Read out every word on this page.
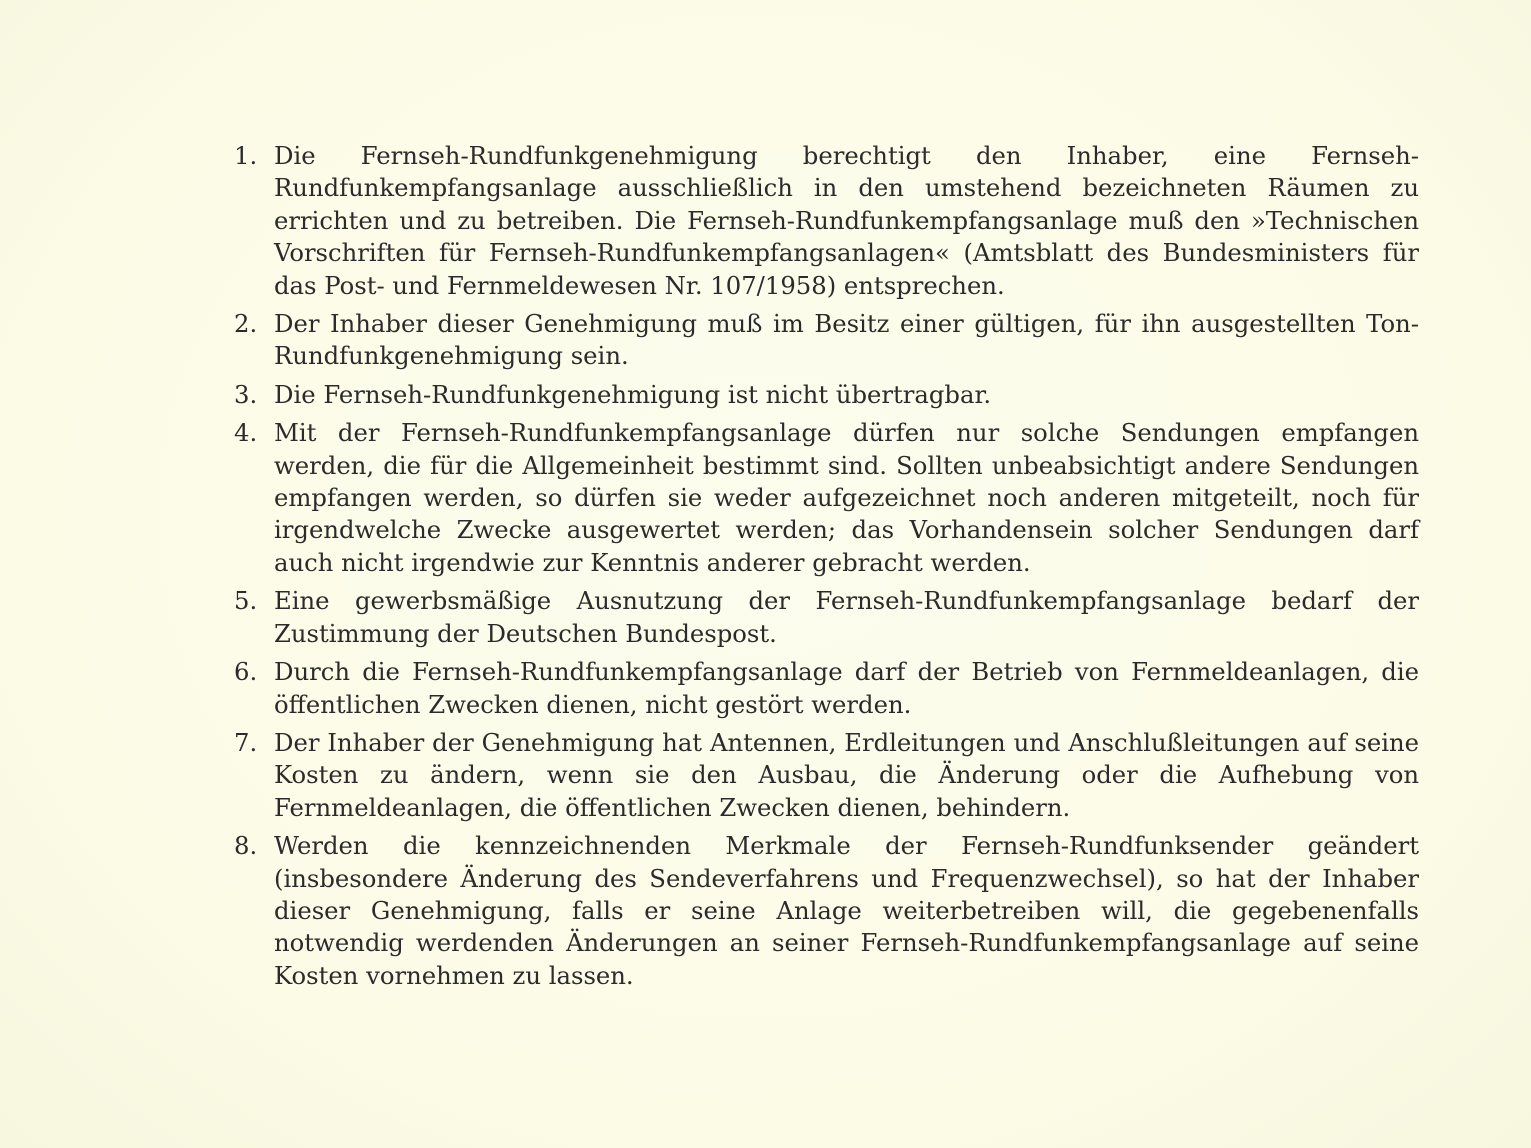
1. Die Fernseh-Rundfunkgenehmigung berechtigt den Inhaber, eine Fernseh-Rundfunkempfangsanlage ausschließlich in den umstehend bezeichneten Räumen zu errichten und zu betreiben. Die Fernseh-Rundfunkempfangsanlage muß den »Technischen Vorschriften für Fernseh-Rundfunkempfangsanlagen« (Amtsblatt des Bundesministers für das Post- und Fernmeldewesen Nr. 107/1958) entsprechen.
2. Der Inhaber dieser Genehmigung muß im Besitz einer gültigen, für ihn ausgestellten Ton-Rundfunkgenehmigung sein.
3. Die Fernseh-Rundfunkgenehmigung ist nicht übertragbar.
4. Mit der Fernseh-Rundfunkempfangsanlage dürfen nur solche Sendungen empfangen werden, die für die Allgemeinheit bestimmt sind. Sollten unbeabsichtigt andere Sendungen empfangen werden, so dürfen sie weder aufgezeichnet noch anderen mitgeteilt, noch für irgendwelche Zwecke ausgewertet werden; das Vorhandensein solcher Sendungen darf auch nicht irgendwie zur Kenntnis anderer gebracht werden.
5. Eine gewerbsmäßige Ausnutzung der Fernseh-Rundfunkempfangsanlage bedarf der Zustimmung der Deutschen Bundespost.
6. Durch die Fernseh-Rundfunkempfangsanlage darf der Betrieb von Fernmeldeanlagen, die öffentlichen Zwecken dienen, nicht gestört werden.
7. Der Inhaber der Genehmigung hat Antennen, Erdleitungen und Anschlußleitungen auf seine Kosten zu ändern, wenn sie den Ausbau, die Änderung oder die Aufhebung von Fernmeldeanlagen, die öffentlichen Zwecken dienen, behindern.
8. Werden die kennzeichnenden Merkmale der Fernseh-Rundfunksender geändert (insbesondere Änderung des Sendeverfahrens und Frequenzwechsel), so hat der Inhaber dieser Genehmigung, falls er seine Anlage weiterbetreiben will, die gegebenenfalls notwendig werdenden Änderungen an seiner Fernseh-Rundfunkempfangsanlage auf seine Kosten vornehmen zu lassen.
